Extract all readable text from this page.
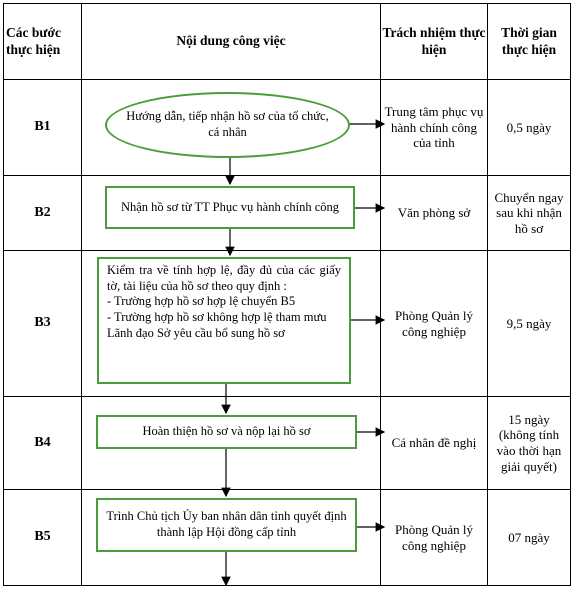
Các bước thực hiện
Nội dung công việc
Trách nhiệm thực hiện
Thời gian thực hiện
B1
B2
B3
B4
B5
Trung tâm phục vụ hành chính công của tỉnh
Văn phòng sở
Phòng Quản lý công nghiệp
Cá nhân đề nghị
Phòng Quản lý công nghiệp
0,5 ngày
Chuyển ngay sau khi nhận hồ sơ
9,5 ngày
15 ngày (không tính vào thời hạn giải quyết)
07 ngày
Hướng dẫn, tiếp nhận hồ sơ của tổ chức, cá nhân
Nhận hồ sơ từ TT Phục vụ hành chính công
Kiểm tra về tính hợp lệ, đầy đủ của các giấy tờ, tài liệu của hồ sơ theo quy định :
- Trường hợp hồ sơ hợp lệ chuyển B5
- Trường hợp hồ sơ không hợp lệ tham mưu Lãnh đạo Sở yêu cầu bổ sung hồ sơ
Hoàn thiện hồ sơ và nộp lại hồ sơ
Trình Chủ tịch Ủy ban nhân dân tỉnh quyết định thành lập Hội đồng cấp tỉnh
